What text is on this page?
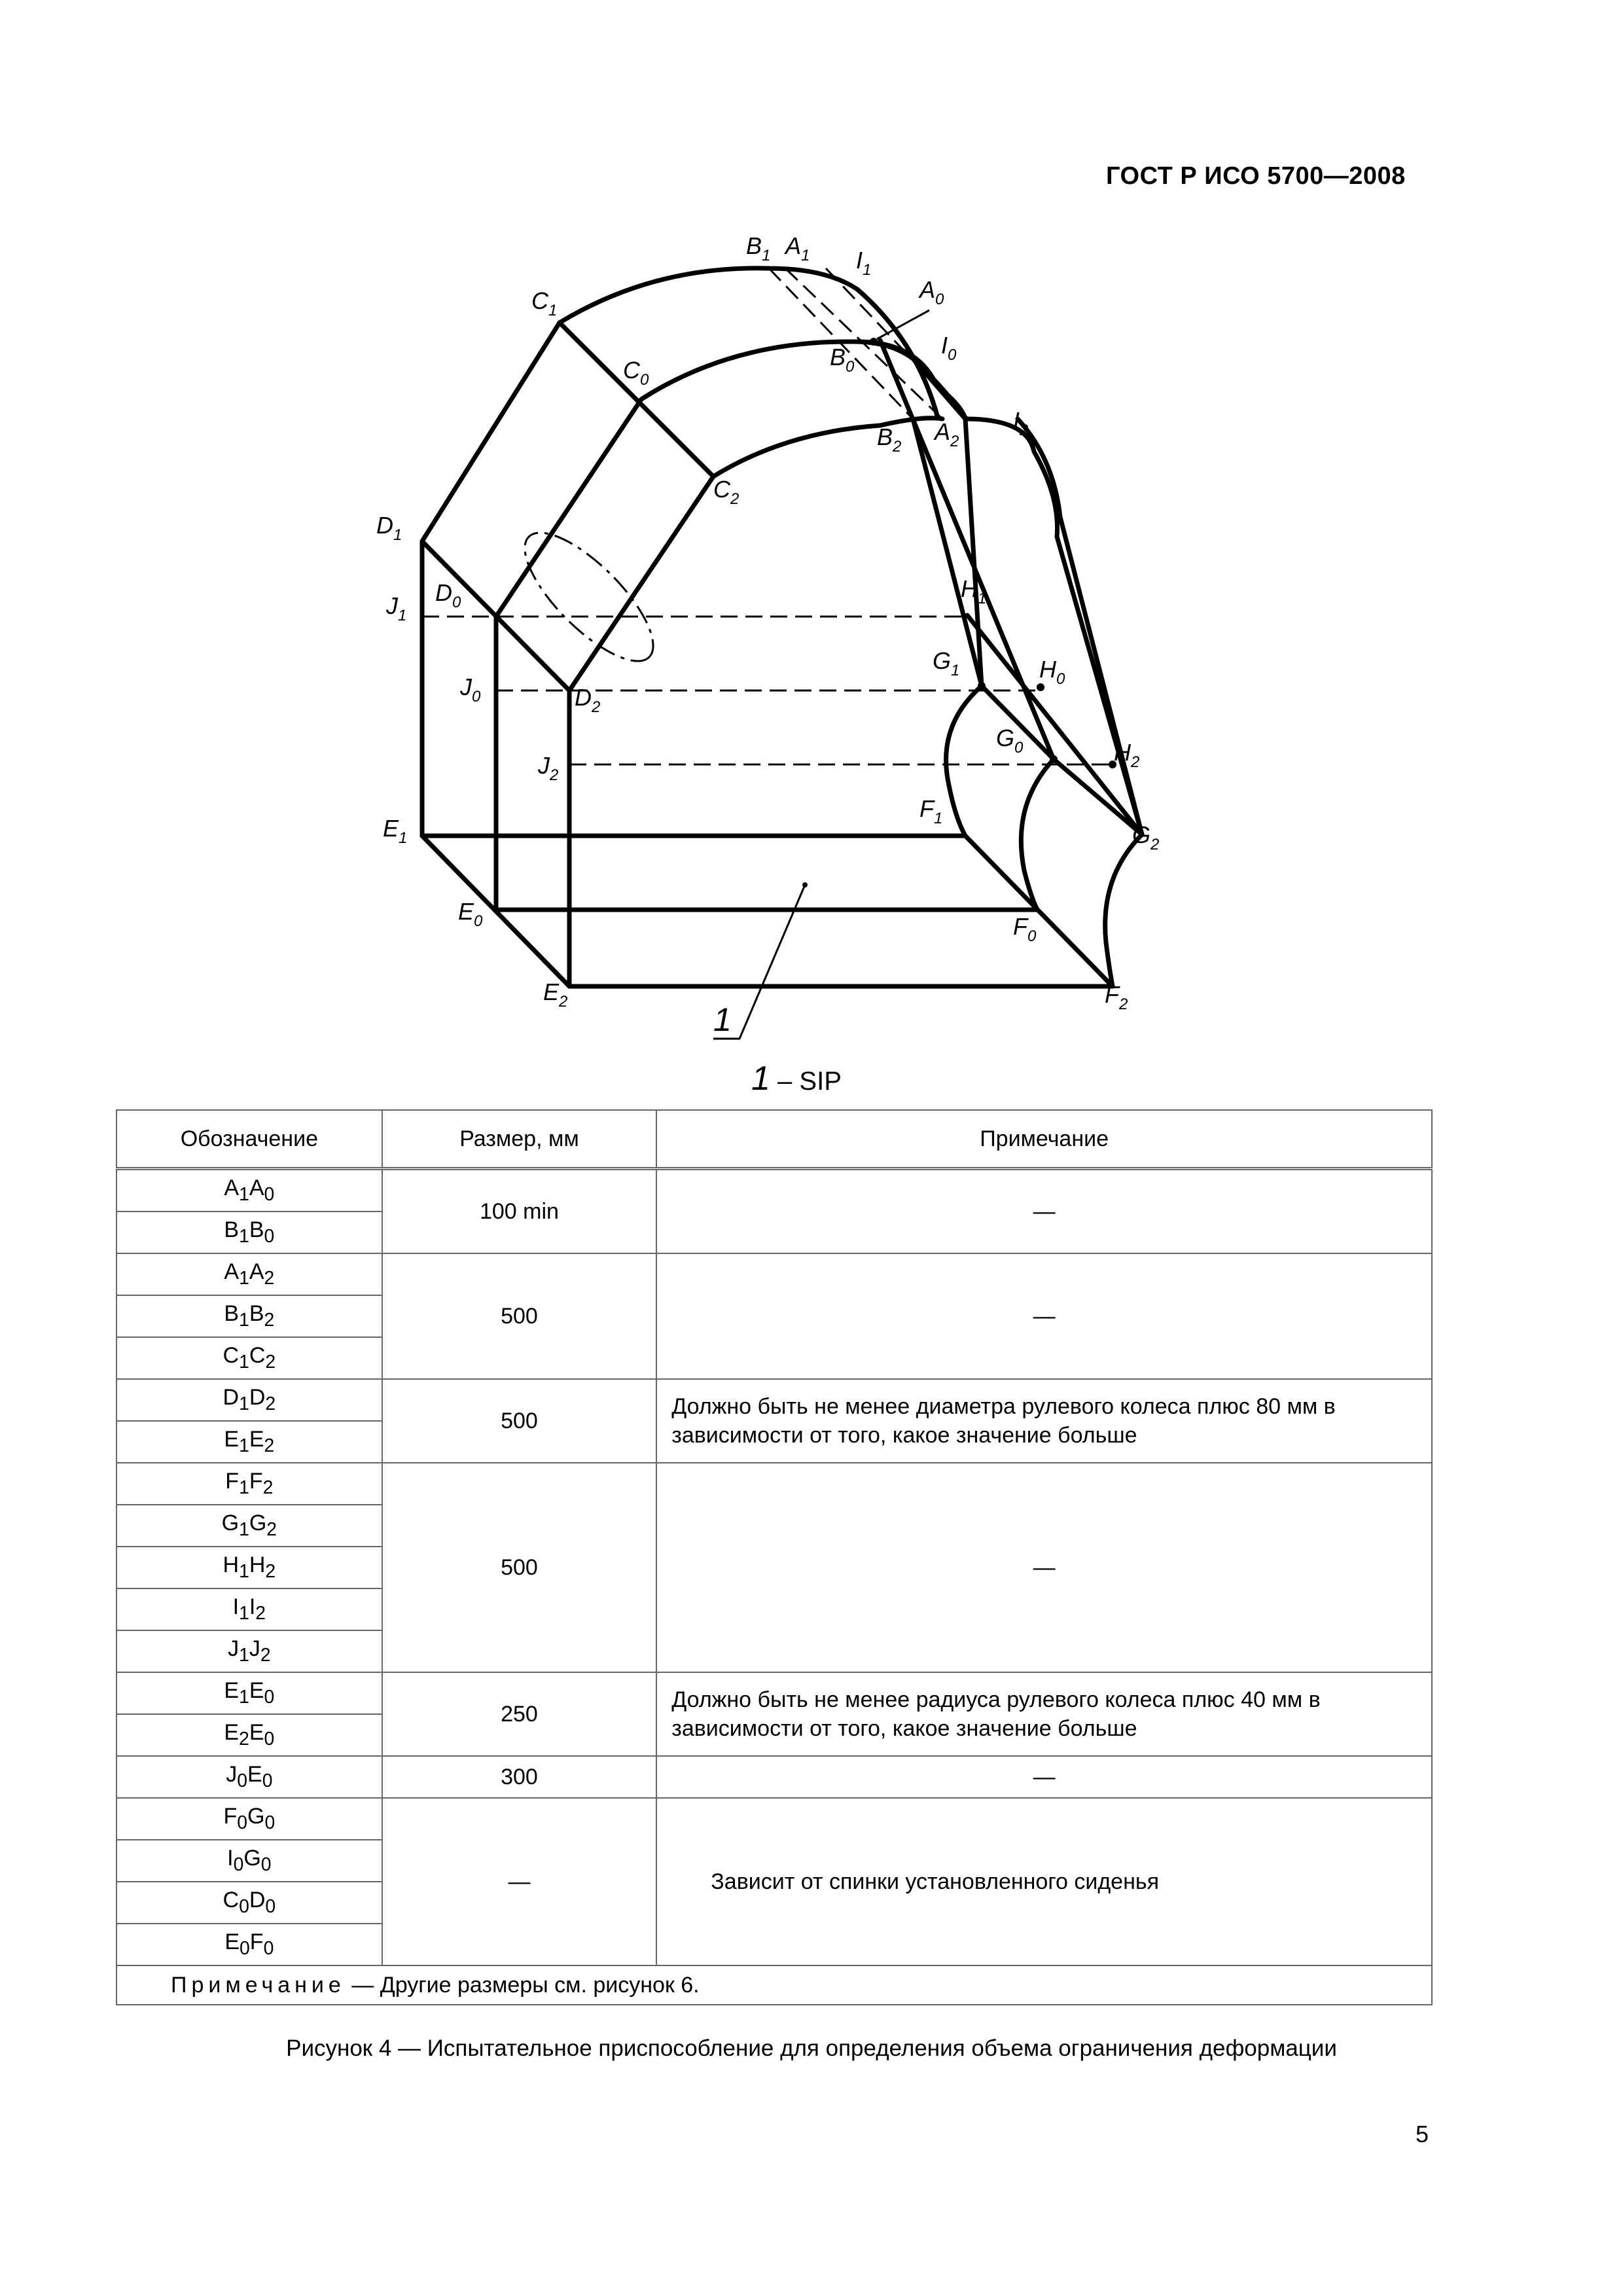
ГОСТ Р ИСО 5700—2008
$B_1$ $A_1$ $I_1$
$A_0$
$C_1$
$C_0$
$B_0$
$I_0$
$B_2$
$A_2$
$I_2$
$C_2$
$D_1$
$D_0$
$J_1$
$H_1$
$G_1$	$H_0$
$J_0$	$D_2$
$G_0$	$H_2$
$J_2$
$F_1$
$E_1$	$G_2$
$E_0$	$F_0$
$E_2$	$F_2$
1
1 – SIP
Обозначение	Размер, мм	Примечание
$A_1A_0$	100 min	—
$B_1B_0$
$A_1A_2$	500	—
$B_1B_2$
$C_1C_2$
$D_1D_2$	500	Должно быть не менее диаметра рулевого колеса плюс 80 мм в зависимости от того, какое значение больше
$E_1E_2$
$F_1F_2$	500	—
$G_1G_2$
$H_1H_2$
$I_1I_2$
$J_1J_2$
$E_1E_0$	250	Должно быть не менее радиуса рулевого колеса плюс 40 мм в зависимости от того, какое значение больше
$E_2E_0$
$J_0E_0$	300	—
$F_0G_0$	—	Зависит от спинки установленного сиденья
$I_0G_0$
$C_0D_0$
$E_0F_0$
Примечание — Другие размеры см. рисунок 6.		
Рисунок 4 — Испытательное приспособление для определения объема ограничения деформации
5
